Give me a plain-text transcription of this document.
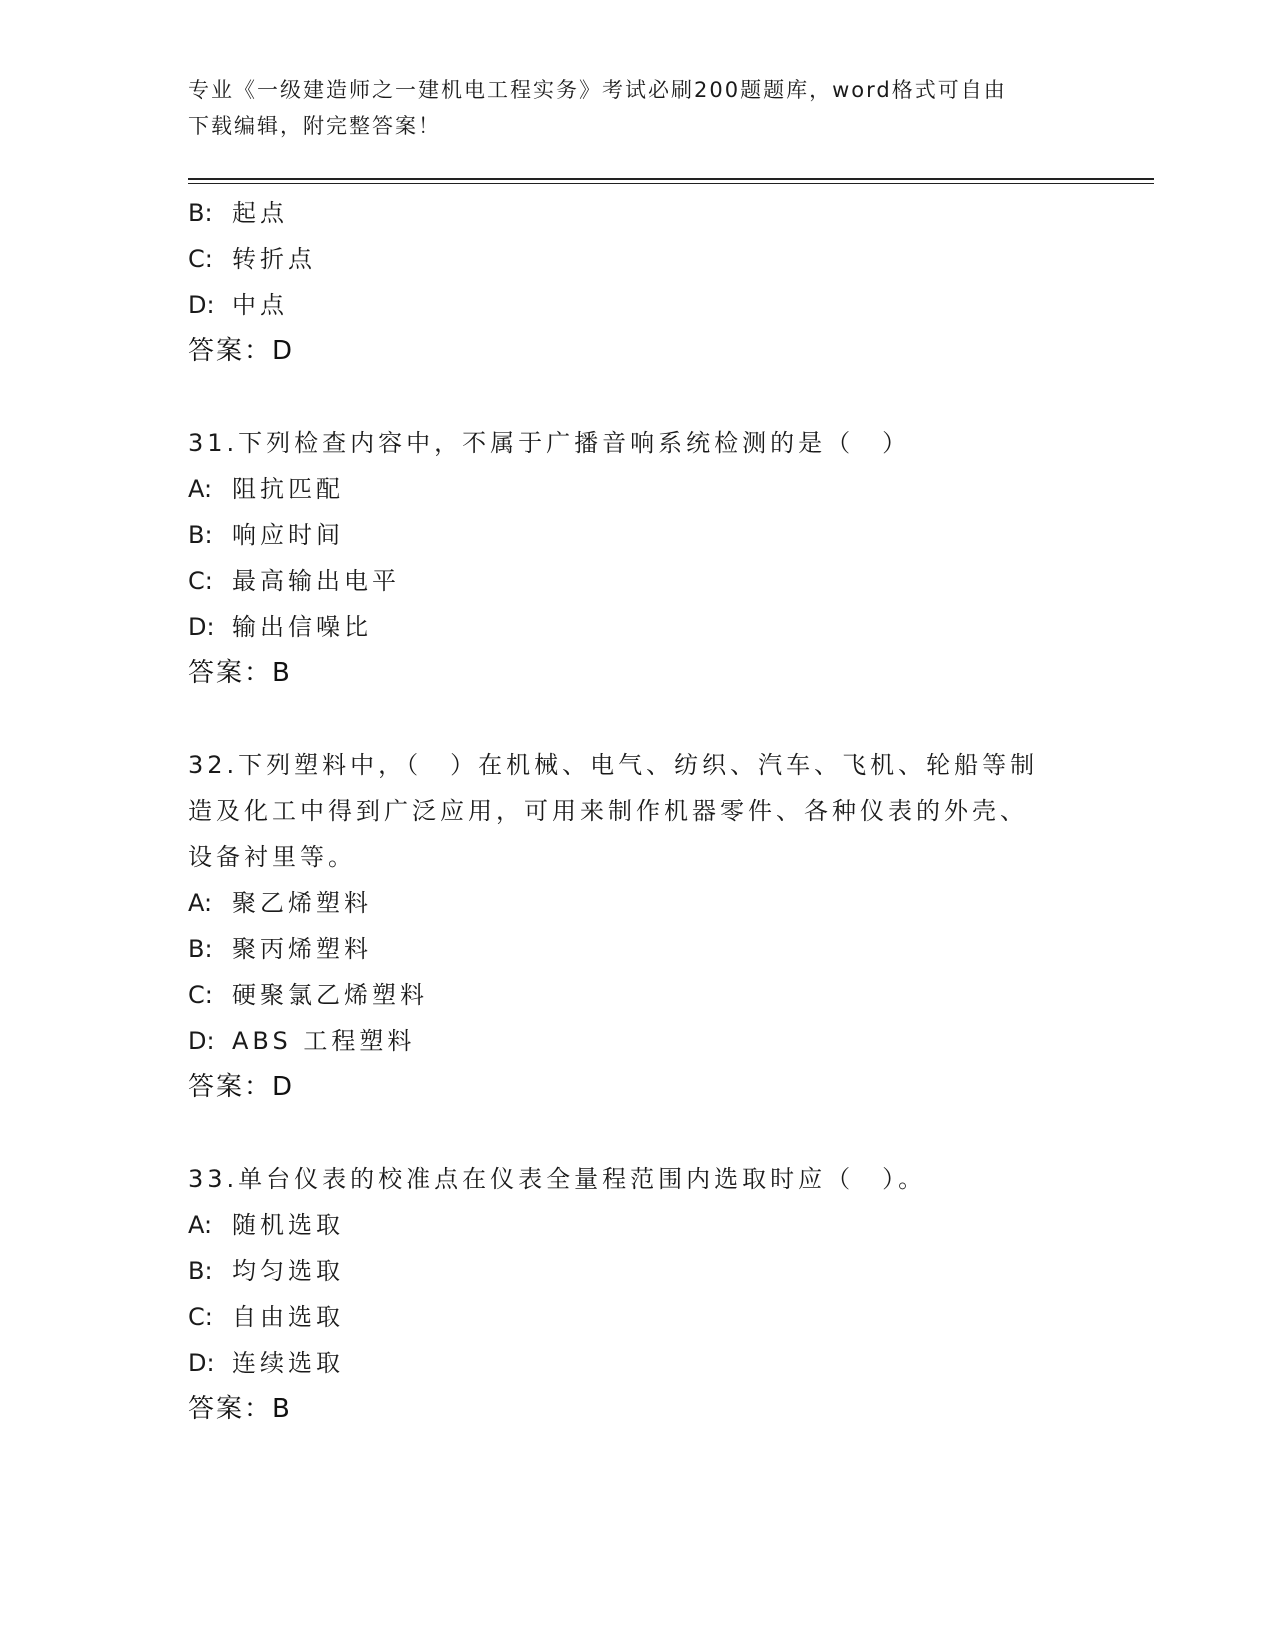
专业《一级建造师之一建机电工程实务》考试必刷200题题库，word格式可自由
下载编辑，附完整答案！
B: 起点
C: 转折点
D: 中点
答案：D
31.下列检查内容中，不属于广播音响系统检测的是（　）
A: 阻抗匹配
B: 响应时间
C: 最高输出电平
D: 输出信噪比
答案：B
32.下列塑料中，（　）在机械、电气、纺织、汽车、飞机、轮船等制
造及化工中得到广泛应用，可用来制作机器零件、各种仪表的外壳、
设备衬里等。
A: 聚乙烯塑料
B: 聚丙烯塑料
C: 硬聚氯乙烯塑料
D: ABS 工程塑料
答案：D
33.单台仪表的校准点在仪表全量程范围内选取时应（　）。
A: 随机选取
B: 均匀选取
C: 自由选取
D: 连续选取
答案：B
